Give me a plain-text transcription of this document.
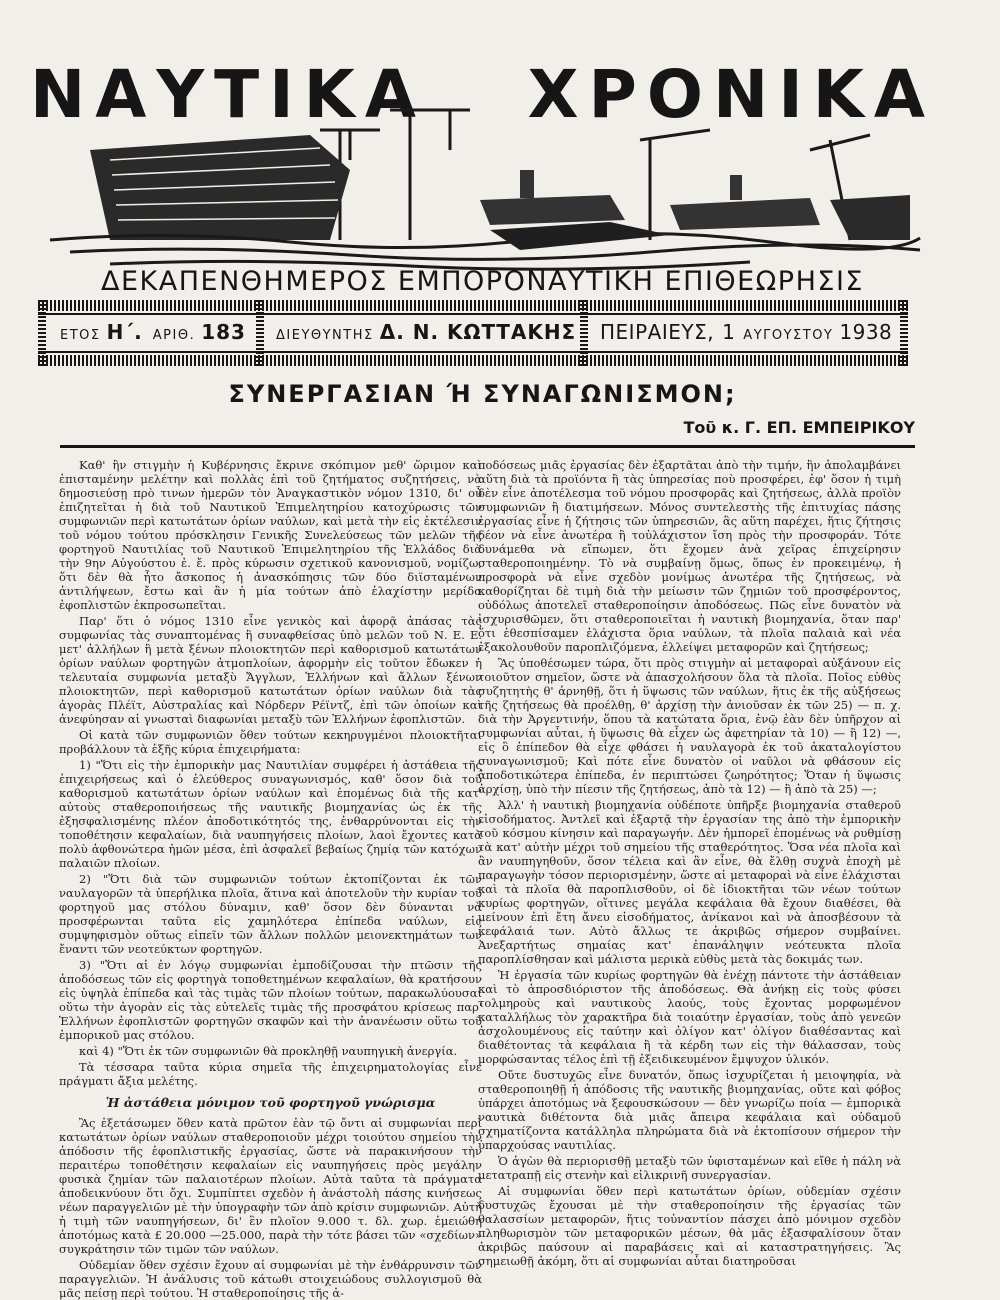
ΝΑΥΤΙΚΑ ΧΡΟΝΙΚΑ
ΔΕΚΑΠΕΝΘΗΜΕΡΟΣ ΕΜΠΟΡΟΝΑΥΤΙΚΗ ΕΠΙΘΕΩΡΗΣΙΣ
ΕΤΟΣ Η΄. ΑΡΙΘ. 183 ΔΙΕΥΘΥΝΤΗΣ Δ. Ν. ΚΩΤΤΑΚΗΣ ΠΕΙΡΑΙΕΥΣ, 1 ΑΥΓΟΥΣΤΟΥ 1938
ΣΥΝΕΡΓΑΣΙΑΝ Ή ΣΥΝΑΓΩΝΙΣΜΟΝ;
Τοῦ κ. Γ. ΕΠ. ΕΜΠΕΙΡΙΚΟΥ

Καθ' ἣν στιγμὴν ἡ Κυβέρνησις ἔκρινε σκόπιμον μεθ' ὥριμον καὶ ἐπισταμένην μελέτην καὶ πολλὰς ἐπὶ τοῦ ζητήματος συζητήσεις, νὰ δημοσιεύσῃ πρὸ τινων ἡμερῶν τὸν Ἀναγκαστικὸν νόμον 1310, δι' οὗ ἐπιζητεῖται ἡ διὰ τοῦ Ναυτικοῦ Ἐπιμελητηρίου κατοχύρωσις τῶν συμφωνιῶν περὶ κατωτάτων ὁρίων ναύλων, καὶ μετὰ τὴν εἰς ἐκτέλεσιν τοῦ νόμου τούτου πρόσκλησιν Γενικῆς Συνελεύσεως τῶν μελῶν τῆς φορτηγοῦ Ναυτιλίας τοῦ Ναυτικοῦ Ἐπιμελητηρίου τῆς Ἑλλάδος διὰ τὴν 9ην Αὐγούστου ἐ. ἔ. πρὸς κύρωσιν σχετικοῦ κανονισμοῦ, νομίζω, ὅτι δὲν θὰ ἦτο ἄσκοπος ἡ ἀνασκόπησις τῶν δύο διϊσταμένων ἀντιλήψεων, ἔστω καὶ ἂν ἡ μία τούτων ἀπὸ ἐλαχίστην μερίδα ἐφοπλιστῶν ἐκπροσωπεῖται.

Παρ' ὅτι ὁ νόμος 1310 εἶνε γενικὸς καὶ ἀφορᾷ ἁπάσας τὰς συμφωνίας τὰς συναπτομένας ἢ συναφθείσας ὑπὸ μελῶν τοῦ Ν. Ε. Ε. μετ' ἀλλήλων ἢ μετὰ ξένων πλοιοκτητῶν περὶ καθορισμοῦ κατωτάτων ὁρίων ναύλων φορτηγῶν ἀτμοπλοίων, ἀφορμὴν εἰς τοῦτον ἔδωκεν ἡ τελευταία συμφωνία μεταξὺ Ἄγγλων, Ἑλλήνων καὶ ἄλλων ξένων πλοιοκτητῶν, περὶ καθορισμοῦ κατωτάτων ὁρίων ναύλων διὰ τὰς ἀγορὰς Πλέϊτ, Αὐστραλίας καὶ Νόρδερν Ρέϊντζ, ἐπὶ τῶν ὁποίων καὶ ἀνεφύησαν αἱ γνωσταὶ διαφωνίαι μεταξὺ τῶν Ἑλλήνων ἐφοπλιστῶν.

Οἱ κατὰ τῶν συμφωνιῶν ὅθεν τούτων κεκηρυγμένοι πλοιοκτῆται προβάλλουν τὰ ἑξῆς κύρια ἐπιχειρήματα:

1) "Ὅτι εἰς τὴν ἐμπορικὴν μας Ναυτιλίαν συμφέρει ἡ ἀστάθεια τῆς ἐπιχειρήσεως καὶ ὁ ἐλεύθερος συναγωνισμός, καθ' ὅσον διὰ τοῦ καθορισμοῦ κατωτάτων ὁρίων ναύλων καὶ ἑπομένως διὰ τῆς κατ' αὐτοὺς σταθεροποιήσεως τῆς ναυτικῆς βιομηχανίας ὡς ἐκ τῆς ἐξησφαλισμένης πλέον ἀποδοτικότητός της, ἐνθαρρύνονται εἰς τὴν τοποθέτησιν κεφαλαίων, διὰ ναυπηγήσεις πλοίων, λαοὶ ἔχοντες κατὰ πολὺ ἀφθονώτερα ἡμῶν μέσα, ἐπὶ ἀσφαλεῖ βεβαίως ζημίᾳ τῶν κατόχων παλαιῶν πλοίων.

2) "Ὅτι διὰ τῶν συμφωνιῶν τούτων ἐκτοπίζονται ἐκ τῶν ναυλαγορῶν τὰ ὑπερήλικα πλοῖα, ἅτινα καὶ ἀποτελοῦν τὴν κυρίαν τοῦ φορτηγοῦ μας στόλου δύναμιν, καθ' ὅσον δὲν δύνανται νὰ προσφέρωνται ταῦτα εἰς χαμηλότερα ἐπίπεδα ναύλων, εἰς συμψηφισμὸν οὕτως εἰπεῖν τῶν ἄλλων πολλῶν μειονεκτημάτων των ἔναντι τῶν νεοτεύκτων φορτηγῶν.

3) "Ὅτι αἱ ἐν λόγῳ συμφωνίαι ἐμποδίζουσαι τὴν πτῶσιν τῆς ἀποδόσεως τῶν εἰς φορτηγὰ τοποθετημένων κεφαλαίων, θὰ κρατήσουν εἰς ὑψηλὰ ἐπίπεδα καὶ τὰς τιμὰς τῶν πλοίων τούτων, παρακωλύουσαι οὕτω τὴν ἀγορὰν εἰς τὰς εὐτελεῖς τιμὰς τῆς προσφάτου κρίσεως παρ' Ἑλλήνων ἐφοπλιστῶν φορτηγῶν σκαφῶν καὶ τὴν ἀνανέωσιν οὕτω τοῦ ἐμπορικοῦ μας στόλου.

καὶ 4) "Ὅτι ἐκ τῶν συμφωνιῶν θὰ προκληθῇ ναυπηγικὴ ἀνεργία.

Τὰ τέσσαρα ταῦτα κύρια σημεῖα τῆς ἐπιχειρηματολογίας εἶνε πράγματι ἄξια μελέτης.

Ἡ ἀστάθεια μόνιμον τοῦ φορτηγοῦ γνώρισμα

Ἂς ἐξετάσωμεν ὅθεν κατὰ πρῶτον ἐὰν τῷ ὄντι αἱ συμφωνίαι περὶ κατωτάτων ὁρίων ναύλων σταθεροποιοῦν μέχρι τοιούτου σημείου τὴν ἀπόδοσιν τῆς ἐφοπλιστικῆς ἐργασίας, ὥστε νὰ παρακινήσουν τὴν περαιτέρω τοποθέτησιν κεφαλαίων εἰς ναυπηγήσεις πρὸς μεγάλην φυσικὰ ζημίαν τῶν παλαιοτέρων πλοίων. Αὐτὰ ταῦτα τὰ πράγματα ἀποδεικνύουν ὅτι ὄχι. Συμπίπτει σχεδὸν ἡ ἀνάστολὴ πάσης κινήσεως νέων παραγγελιῶν μὲ τὴν ὑπογραφὴν τῶν ἀπὸ κρίσιν συμφωνιῶν. Αὐτὴ ἡ τιμὴ τῶν ναυπηγήσεων, δι' ἓν πλοῖον 9.000 τ. δλ. χωρ. ἐμειώθη ἀποτόμως κατὰ £ 20.000 —25.000, παρὰ τὴν τότε βάσει τῶν «σχεδίων» συγκράτησιν τῶν τιμῶν τῶν ναύλων.

Οὐδεμίαν ὅθεν σχέσιν ἔχουν αἱ συμφωνίαι μὲ τὴν ἐνθάρρυνσιν τῶν παραγγελιῶν. Ἡ ἀνάλυσις τοῦ κάτωθι στοιχειώδους συλλογισμοῦ θὰ μᾶς πείσῃ περὶ τούτου. Ἡ σταθεροποίησις τῆς ἀ-

ποδόσεως μιᾶς ἐργασίας δὲν ἐξαρτᾶται ἀπὸ τὴν τιμήν, ἣν ἀπολαμβάνει αὕτη διὰ τὰ προϊόντα ἢ τὰς ὑπηρεσίας ποὺ προσφέρει, ἐφ' ὅσον ἡ τιμὴ δὲν εἶνε ἀποτέλεσμα τοῦ νόμου προσφορᾶς καὶ ζητήσεως, ἀλλὰ προϊὸν συμφωνιῶν ἢ διατιμήσεων. Μόνος συντελεστὴς τῆς ἐπιτυχίας πάσης ἐργασίας εἶνε ἡ ζήτησις τῶν ὑπηρεσιῶν, ἃς αὕτη παρέχει, ἥτις ζήτησις δέον νὰ εἶνε ἀνωτέρα ἢ τοὐλάχιστον ἴση πρὸς τὴν προσφοράν. Τότε δυνάμεθα νὰ εἴπωμεν, ὅτι ἔχομεν ἀνὰ χεῖρας ἐπιχείρησιν σταθεροποιημένην. Τὸ νὰ συμβαίνῃ ὅμως, ὅπως ἐν προκειμένῳ, ἡ προσφορὰ νὰ εἶνε σχεδὸν μονίμως ἀνωτέρα τῆς ζητήσεως, νὰ καθορίζηται δὲ τιμὴ διὰ τὴν μείωσιν τῶν ζημιῶν τοῦ προσφέροντος, οὐδόλως ἀποτελεῖ σταθεροποίησιν ἀποδόσεως. Πῶς εἶνε δυνατὸν νὰ ἰσχυρισθῶμεν, ὅτι σταθεροποιεῖται ἡ ναυτικὴ βιομηχανία, ὅταν παρ' ὅτι ἐθεσπίσαμεν ἐλάχιστα ὅρια ναύλων, τὰ πλοῖα παλαιὰ καὶ νέα ἐξακολουθοῦν παροπλιζόμενα, ἐλλείψει μεταφορῶν καὶ ζητήσεως;

Ἂς ὑποθέσωμεν τώρα, ὅτι πρὸς στιγμὴν αἱ μεταφοραὶ αὐξάνουν εἰς τοιοῦτον σημεῖον, ὥστε νὰ ἀπασχολήσουν ὅλα τὰ πλοῖα. Ποῖος εὐθὺς συζητητὴς θ' ἀρνηθῇ, ὅτι ἡ ὕψωσις τῶν ναύλων, ἥτις ἐκ τῆς αὐξήσεως τῆς ζητήσεως θὰ προέλθῃ, θ' ἀρχίσῃ τὴν ἀνιοῦσαν ἐκ τῶν 25) — π. χ. διὰ τὴν Ἀργεντινήν, ὅπου τὰ κατώτατα ὅρια, ἐνῷ ἐὰν δὲν ὑπῆρχον αἱ συμφωνίαι αὗται, ἡ ὕψωσις θὰ εἶχεν ὡς ἀφετηρίαν τὰ 10) — ἢ 12) —, εἰς ὃ ἐπίπεδον θὰ εἶχε φθάσει ἡ ναυλαγορὰ ἐκ τοῦ ἀκαταλογίστου συναγωνισμοῦ; Καὶ πότε εἶνε δυνατὸν οἱ ναῦλοι νὰ φθάσουν εἰς ἀποδοτικώτερα ἐπίπεδα, ἐν περιπτώσει ζωηρότητος; Ὅταν ἡ ὕψωσις ἀρχίσῃ, ὑπὸ τὴν πίεσιν τῆς ζητήσεως, ἀπὸ τὰ 12) — ἢ ἀπὸ τὰ 25) —;

Ἀλλ' ἡ ναυτικὴ βιομηχανία οὐδέποτε ὑπῆρξε βιομηχανία σταθεροῦ εἰσοδήματος. Ἀντλεῖ καὶ ἐξαρτᾷ τὴν ἐργασίαν της ἀπὸ τὴν ἐμπορικὴν τοῦ κόσμου κίνησιν καὶ παραγωγήν. Δὲν ἠμπορεῖ ἑπομένως νὰ ρυθμίσῃ τὰ κατ' αὐτὴν μέχρι τοῦ σημείου τῆς σταθερότητος. Ὅσα νέα πλοῖα καὶ ἂν ναυπηγηθοῦν, ὅσον τέλεια καὶ ἂν εἶνε, θὰ ἔλθῃ συχνὰ ἐποχὴ μὲ παραγωγὴν τόσον περιορισμένην, ὥστε αἱ μεταφοραὶ νὰ εἶνε ἐλάχισται καὶ τὰ πλοῖα θὰ παροπλισθοῦν, οἱ δὲ ἰδιοκτῆται τῶν νέων τούτων κυρίως φορτηγῶν, οἵτινες μεγάλα κεφάλαια θὰ ἔχουν διαθέσει, θὰ μείνουν ἐπὶ ἔτη ἄνευ εἰσοδήματος, ἀνίκανοι καὶ νὰ ἀποσβέσουν τὰ κεφάλαιά των. Αὐτὸ ἄλλως τε ἀκριβῶς σήμερον συμβαίνει. Ἀνεξαρτήτως σημαίας κατ' ἐπανάληψιν νεότευκτα πλοῖα παροπλίσθησαν καὶ μάλιστα μερικὰ εὐθὺς μετὰ τὰς δοκιμάς των.

Ἡ ἐργασία τῶν κυρίως φορτηγῶν θὰ ἐνέχῃ πάντοτε τὴν ἀστάθειαν καὶ τὸ ἀπροσδιόριστον τῆς ἀποδόσεως. Θὰ ἀνήκῃ εἰς τοὺς φύσει τολμηροὺς καὶ ναυτικοὺς λαούς, τοὺς ἔχοντας μορφωμένον καταλλήλως τὸν χαρακτῆρα διὰ τοιαύτην ἐργασίαν, τοὺς ἀπὸ γενεῶν ἀσχολουμένους εἰς ταύτην καὶ ὀλίγον κατ' ὀλίγον διαθέσαντας καὶ διαθέτοντας τὰ κεφάλαια ἢ τὰ κέρδη των εἰς τὴν θάλασσαν, τοὺς μορφώσαντας τέλος ἐπὶ τῇ ἐξειδικευμένον ἔμψυχον ὑλικόν.

Οὔτε δυστυχῶς εἶνε δυνατόν, ὅπως ἰσχυρίζεται ἡ μειοψηφία, νὰ σταθεροποιηθῇ ἡ ἀπόδοσις τῆς ναυτικῆς βιομηχανίας, οὔτε καὶ φόβος ὑπάρχει ἀποτόμως νὰ ξεφουσκώσουν — δὲν γνωρίζω ποία — ἐμπορικὰ ναυτικὰ διθέτοντα διὰ μιᾶς ἄπειρα κεφάλαια καὶ οὐδαμοῦ σχηματίζοντα κατάλληλα πληρώματα διὰ νὰ ἐκτοπίσουν σήμερον τὴν ὑπαρχούσας ναυτιλίας.

Ὁ ἀγὼν θὰ περιορισθῇ μεταξὺ τῶν ὑφισταμένων καὶ εἴθε ἡ πάλη νὰ μετατραπῇ εἰς στενὴν καὶ εἰλικρινῆ συνεργασίαν.

Αἱ συμφωνίαι ὅθεν περὶ κατωτάτων ὁρίων, οὐδεμίαν σχέσιν δυστυχῶς ἔχουσαι μὲ τὴν σταθεροποίησιν τῆς ἐργασίας τῶν θαλασσίων μεταφορῶν, ἥτις τοὐναντίον πάσχει ἀπὸ μόνιμον σχεδὸν πληθωρισμὸν τῶν μεταφορικῶν μέσων, θὰ μᾶς ἐξασφαλίσουν ὅταν ἀκριβῶς παύσουν αἱ παραβάσεις καὶ αἱ καταστρατηγήσεις. Ἂς σημειωθῇ ἀκόμη, ὅτι αἱ συμφωνίαι αὗται διατηροῦσαι
